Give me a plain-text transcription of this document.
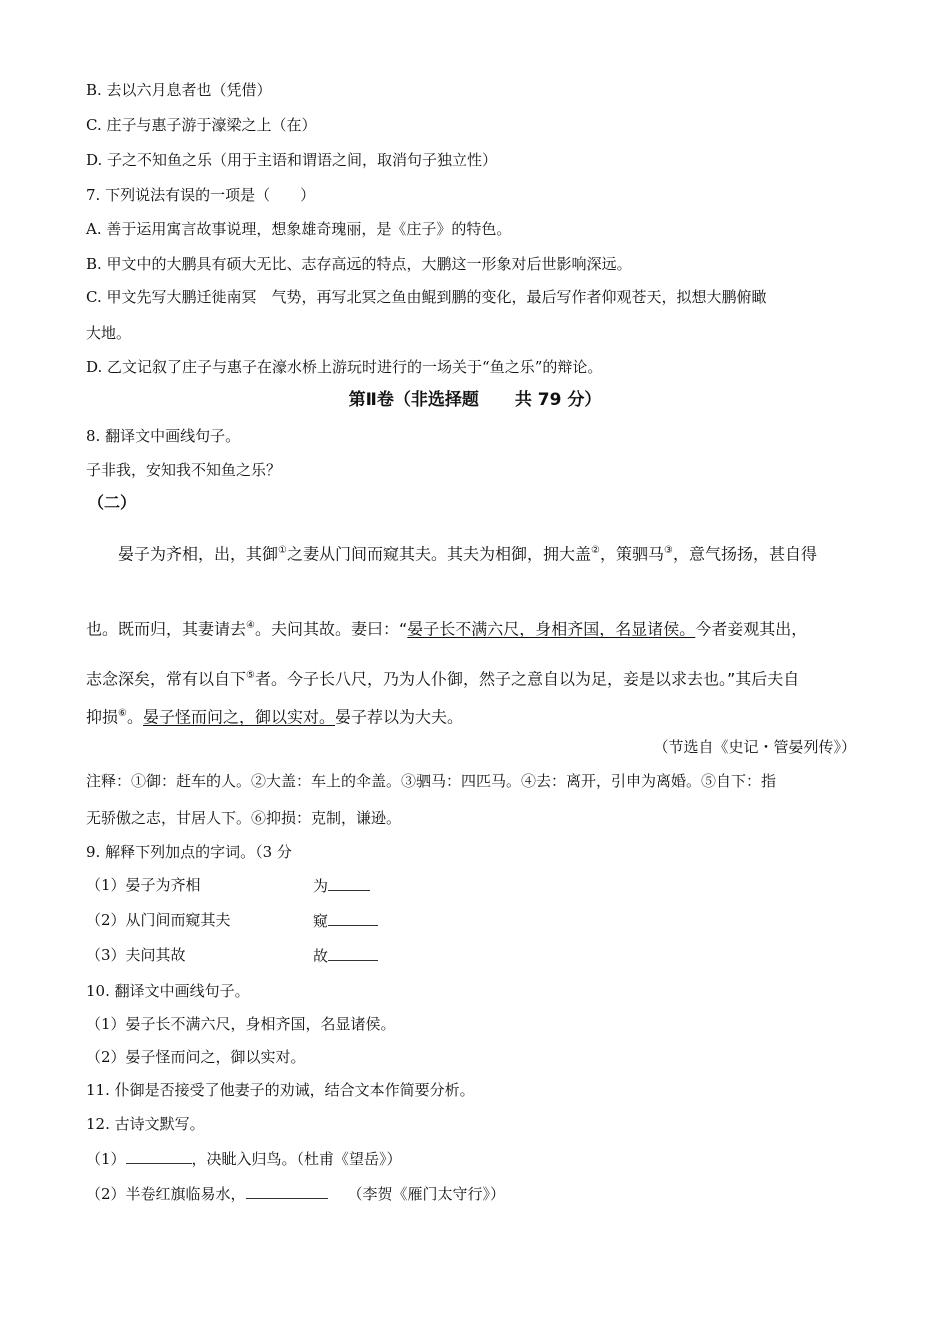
B. 去以六月息者也（凭借）
C. 庄子与惠子游于濠梁之上（在）
D. 子之不知鱼之乐（用于主语和谓语之间，取消句子独立性）
7. 下列说法有误的一项是（　　）
A. 善于运用寓言故事说理，想象雄奇瑰丽，是《庄子》的特色。
B. 甲文中的大鹏具有硕大无比、志存高远的特点，大鹏这一形象对后世影响深远。
C. 甲文先写大鹏迁徙南冥　气势，再写北冥之鱼由鲲到鹏的变化，最后写作者仰观苍天，拟想大鹏俯瞰
大地。
D. 乙文记叙了庄子与惠子在濠水桥上游玩时进行的一场关于“鱼之乐”的辩论。
第Ⅱ卷（非选择题 共 79 分）
8. 翻译文中画线句子。
子非我，安知我不知鱼之乐？
（二）
晏子为齐相，出，其御①之妻从门间而窥其夫。其夫为相御，拥大盖②，策驷马③，意气扬扬，甚自得
也。既而归，其妻请去④。夫问其故。妻曰：“晏子长不满六尺，身相齐国，名显诸侯。今者妾观其出，
志念深矣，常有以自下⑤者。今子长八尺，乃为人仆御，然子之意自以为足，妾是以求去也。”其后夫自
抑损⑥。晏子怪而问之，御以实对。晏子荐以为大夫。
（节选自《史记・管晏列传》）
注释：①御：赶车的人。②大盖：车上的伞盖。③驷马：四匹马。④去：离开，引申为离婚。⑤自下：指
无骄傲之志，甘居人下。⑥抑损：克制，谦逊。
9. 解释下列加点的字词。（3 分
（1）晏子为齐相	为
（2）从门间而窥其夫	窥
（3）夫问其故	故
10. 翻译文中画线句子。
（1）晏子长不满六尺，身相齐国，名显诸侯。
（2）晏子怪而问之，御以实对。
11. 仆御是否接受了他妻子的劝诫，结合文本作简要分析。
12. 古诗文默写。
（1）	，决眦入归鸟。（杜甫《望岳》）
（2）半卷红旗临易水，	（李贺《雁门太守行》）
